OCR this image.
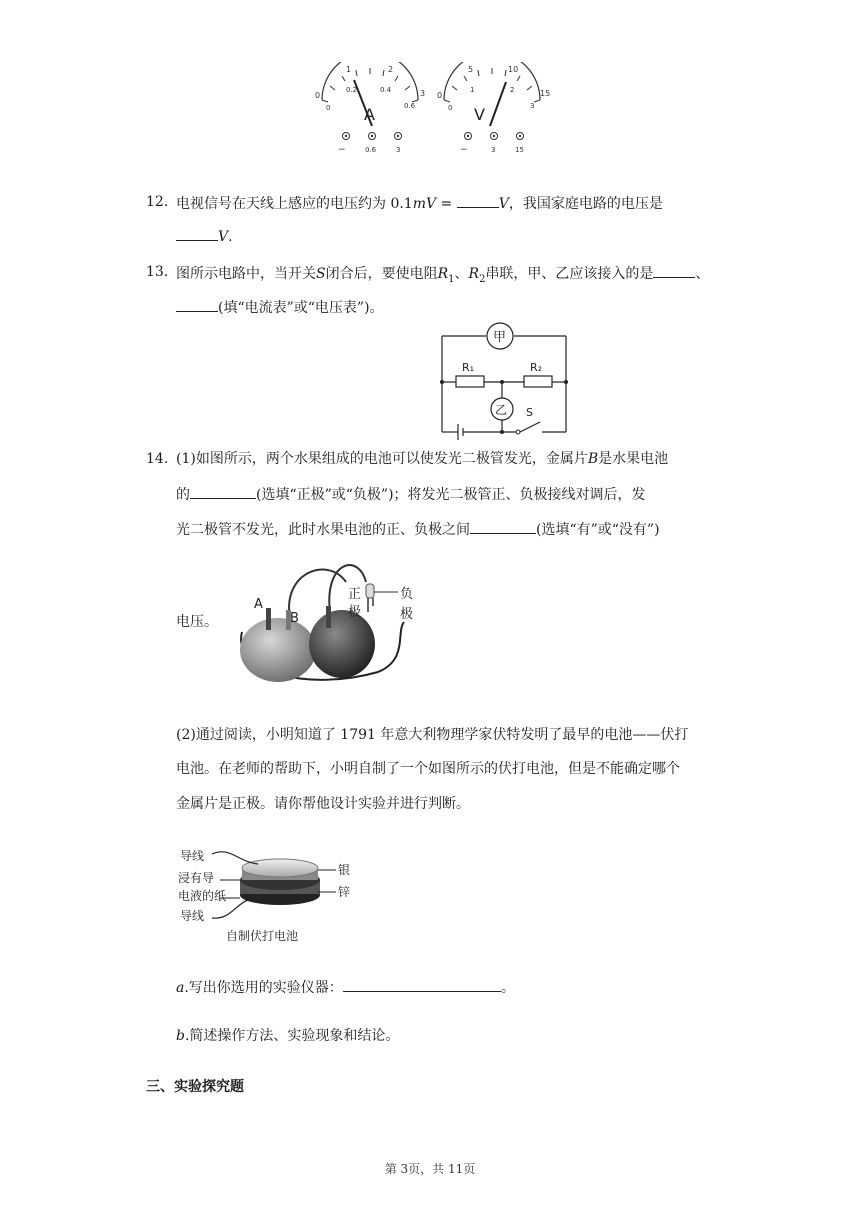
0
1	2
3
0
0.2	0.4
0.6
A
−	0.6	3
0
5	10
15
0
1	2
3
V
−	3	15
12. 电视信号在天线上感应的电压约为 0.1mV =	V，我国家庭电路的电压是
V.
13. 图所示电路中，当开关S闭合后，要使电阻$R_1$、$R_2$串联，甲、乙应该接入的是	、
(填“电流表”或“电压表”)。
甲
乙
R₁	R₂
S
14. (1)如图所示，两个水果组成的电池可以使发光二极管发光，金属片B是水果电池
的	(选填“正极”或“负极”)；将发光二极管正、负极接线对调后，发
光二极管不发光，此时水果电池的正、负极之间	(选填“有”或“没有”)
电压。
A
B
正
极
负
极
(2)通过阅读，小明知道了 1791 年意大利物理学家伏特发明了最早的电池——伏打
电池。在老师的帮助下，小明自制了一个如图所示的伏打电池，但是不能确定哪个
金属片是正极。请你帮他设计实验并进行判断。
导线
浸有导
电液的纸
导线
银
锌
自制伏打电池
a.写出你选用的实验仪器：	。
b.简述操作方法、实验现象和结论。
三、实验探究题
第 3页，共 11页
